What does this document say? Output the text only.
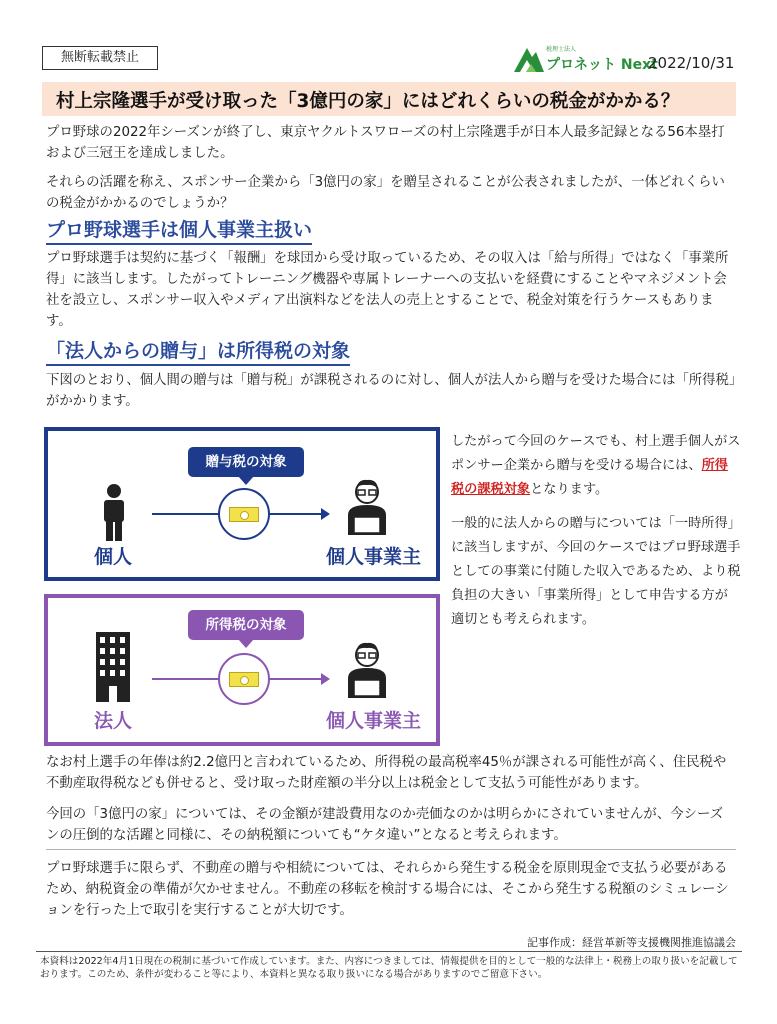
無断転載禁止
税理士法人
プロネット Next
2022/10/31
村上宗隆選手が受け取った「3億円の家」にはどれくらいの税金がかかる？
プロ野球の2022年シーズンが終了し、東京ヤクルトスワローズの村上宗隆選手が日本人最多記録となる56本塁打および三冠王を達成しました。
それらの活躍を称え、スポンサー企業から「3億円の家」を贈呈されることが公表されましたが、一体どれくらいの税金がかかるのでしょうか？
プロ野球選手は個人事業主扱い
プロ野球選手は契約に基づく「報酬」を球団から受け取っているため、その収入は「給与所得」ではなく「事業所得」に該当します。したがってトレーニング機器や専属トレーナーへの支払いを経費にすることやマネジメント会社を設立し、スポンサー収入やメディア出演料などを法人の売上とすることで、税金対策を行うケースもあります。
「法人からの贈与」は所得税の対象
下図のとおり、個人間の贈与は「贈与税」が課税されるのに対し、個人が法人から贈与を受けた場合には「所得税」がかかります。
贈与税の対象
個人	個人事業主
所得税の対象
法人	個人事業主
したがって今回のケースでも、村上選手個人がスポンサー企業から贈与を受ける場合には、所得税の課税対象となります。
一般的に法人からの贈与については「一時所得」に該当しますが、今回のケースではプロ野球選手としての事業に付随した収入であるため、より税負担の大きい「事業所得」として申告する方が適切とも考えられます。
なお村上選手の年俸は約2.2億円と言われているため、所得税の最高税率45％が課される可能性が高く、住民税や不動産取得税なども併せると、受け取った財産額の半分以上は税金として支払う可能性があります。
今回の「3億円の家」については、その金額が建設費用なのか売価なのかは明らかにされていませんが、今シーズンの圧倒的な活躍と同様に、その納税額についても“ケタ違い”となると考えられます。
プロ野球選手に限らず、不動産の贈与や相続については、それらから発生する税金を原則現金で支払う必要があるため、納税資金の準備が欠かせません。不動産の移転を検討する場合には、そこから発生する税額のシミュレーションを行った上で取引を実行することが大切です。
記事作成：経営革新等支援機関推進協議会
本資料は2022年4月1日現在の税制に基づいて作成しています。また、内容につきましては、情報提供を目的として一般的な法律上・税務上の取り扱いを記載しております。このため、条件が変わること等により、本資料と異なる取り扱いになる場合がありますのでご留意下さい。
